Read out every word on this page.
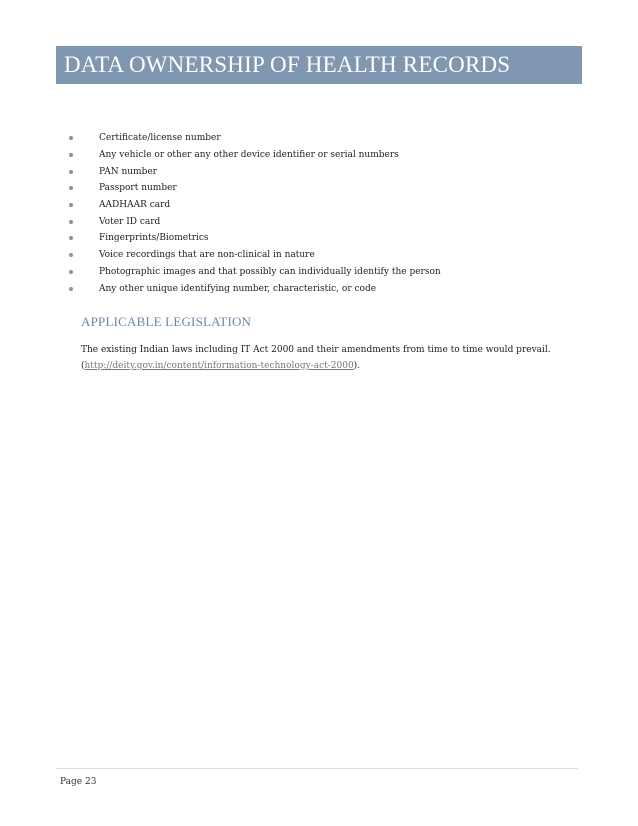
DATA OWNERSHIP OF HEALTH RECORDS
Certificate/license number
Any vehicle or other any other device identifier or serial numbers
PAN number
Passport number
AADHAAR card
Voter ID card
Fingerprints/Biometrics
Voice recordings that are non-clinical in nature
Photographic images and that possibly can individually identify the person
Any other unique identifying number, characteristic, or code
APPLICABLE LEGISLATION

The existing Indian laws including IT Act 2000 and their amendments from time to time would prevail.
(http://deity.gov.in/content/information-technology-act-2000).

Page 23
